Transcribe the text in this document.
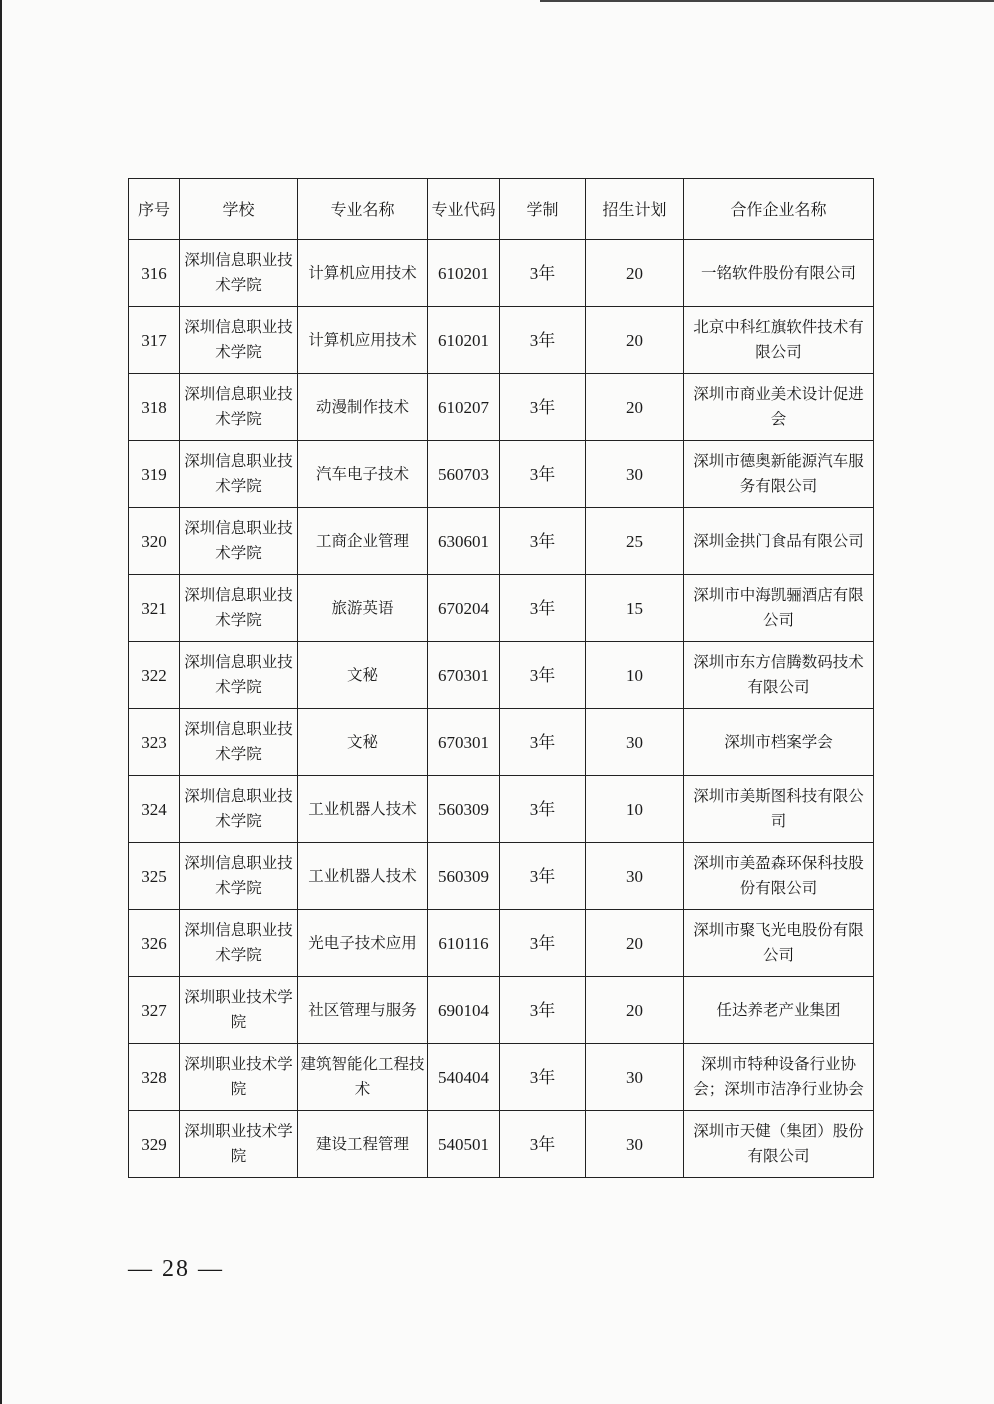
序号	学校	专业名称	专业代码	学制	招生计划	合作企业名称
316	深圳信息职业技术学院	计算机应用技术	610201	3年	20	一铭软件股份有限公司
317	深圳信息职业技术学院	计算机应用技术	610201	3年	20	北京中科红旗软件技术有限公司
318	深圳信息职业技术学院	动漫制作技术	610207	3年	20	深圳市商业美术设计促进会
319	深圳信息职业技术学院	汽车电子技术	560703	3年	30	深圳市德奥新能源汽车服务有限公司
320	深圳信息职业技术学院	工商企业管理	630601	3年	25	深圳金拱门食品有限公司
321	深圳信息职业技术学院	旅游英语	670204	3年	15	深圳市中海凯骊酒店有限公司
322	深圳信息职业技术学院	文秘	670301	3年	10	深圳市东方信腾数码技术有限公司
323	深圳信息职业技术学院	文秘	670301	3年	30	深圳市档案学会
324	深圳信息职业技术学院	工业机器人技术	560309	3年	10	深圳市美斯图科技有限公司
325	深圳信息职业技术学院	工业机器人技术	560309	3年	30	深圳市美盈森环保科技股份有限公司
326	深圳信息职业技术学院	光电子技术应用	610116	3年	20	深圳市聚飞光电股份有限公司
327	深圳职业技术学院	社区管理与服务	690104	3年	20	任达养老产业集团
328	深圳职业技术学院	建筑智能化工程技术	540404	3年	30	深圳市特种设备行业协会；深圳市洁净行业协会
329	深圳职业技术学院	建设工程管理	540501	3年	30	深圳市天健（集团）股份有限公司
— 28 —
